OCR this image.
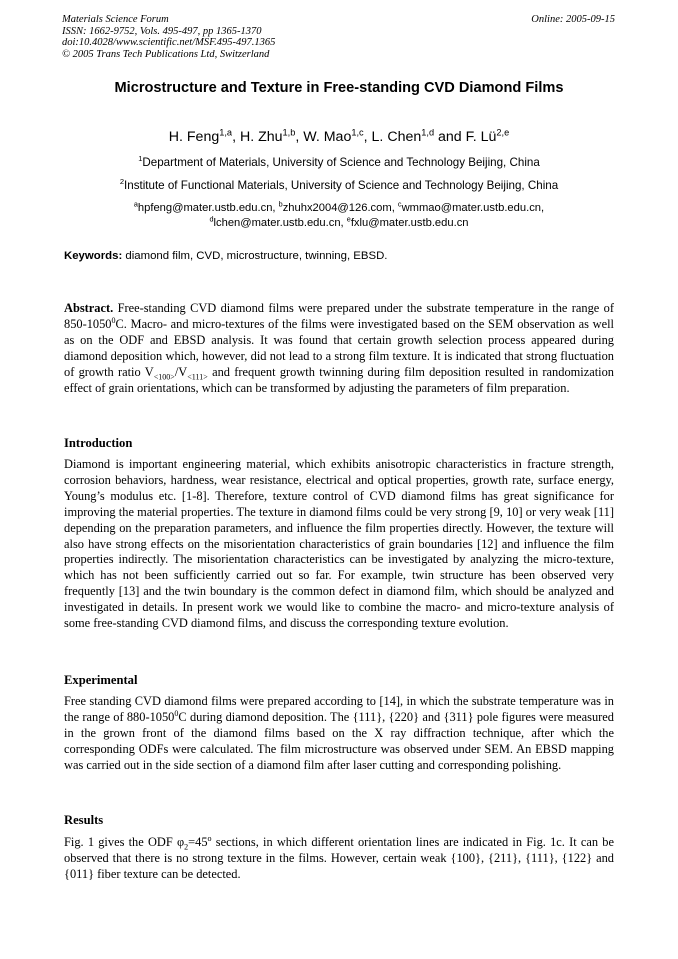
Materials Science Forum
ISSN: 1662-9752, Vols. 495-497, pp 1365-1370
doi:10.4028/www.scientific.net/MSF.495-497.1365
© 2005 Trans Tech Publications Ltd, Switzerland
Online: 2005-09-15
Microstructure and Texture in Free-standing CVD Diamond Films
H. Feng$^{1,a}$, H. Zhu$^{1,b}$, W. Mao$^{1,c}$, L. Chen$^{1,d}$ and F. Lü$^{2,e}$
$^1$Department of Materials, University of Science and Technology Beijing, China
$^2$Institute of Functional Materials, University of Science and Technology Beijing, China
$^a$hpfeng@mater.ustb.edu.cn, $^b$zhuhx2004@126.com, $^c$wmmao@mater.ustb.edu.cn,
$^d$lchen@mater.ustb.edu.cn, $^e$fxlu@mater.ustb.edu.cn
Keywords: diamond film, CVD, microstructure, twinning, EBSD.
Abstract. Free-standing CVD diamond films were prepared under the substrate temperature in the range of 850-1050$^0$C. Macro- and micro-textures of the films were investigated based on the SEM observation as well as on the ODF and EBSD analysis. It was found that certain growth selection process appeared during diamond deposition which, however, did not lead to a strong film texture. It is indicated that strong fluctuation of growth ratio $V_{<100>}/V_{<111>}$ and frequent growth twinning during film deposition resulted in randomization effect of grain orientations, which can be transformed by adjusting the parameters of film preparation.
Introduction
Diamond is important engineering material, which exhibits anisotropic characteristics in fracture strength, corrosion behaviors, hardness, wear resistance, electrical and optical properties, growth rate, surface energy, Young’s modulus etc. [1-8]. Therefore, texture control of CVD diamond films has great significance for improving the material properties. The texture in diamond films could be very strong [9, 10] or very weak [11] depending on the preparation parameters, and influence the film properties directly. However, the texture will also have strong effects on the misorientation characteristics of grain boundaries [12] and influence the film properties indirectly. The misorientation characteristics can be investigated by analyzing the micro-texture, which has not been sufficiently carried out so far. For example, twin structure has been observed very frequently [13] and the twin boundary is the common defect in diamond film, which should be analyzed and investigated in details. In present work we would like to combine the macro- and micro-texture analysis of some free-standing CVD diamond films, and discuss the corresponding texture evolution.
Experimental
Free standing CVD diamond films were prepared according to [14], in which the substrate temperature was in the range of 880-1050$^0$C during diamond deposition. The {111}, {220} and {311} pole figures were measured in the grown front of the diamond films based on the X ray diffraction technique, after which the corresponding ODFs were calculated. The film microstructure was observed under SEM. An EBSD mapping was carried out in the side section of a diamond film after laser cutting and corresponding polishing.
Results
Fig. 1 gives the ODF $\varphi_2=45^o$ sections, in which different orientation lines are indicated in Fig. 1c. It can be observed that there is no strong texture in the films. However, certain weak {100}, {211}, {111}, {122} and {011} fiber texture can be detected.
